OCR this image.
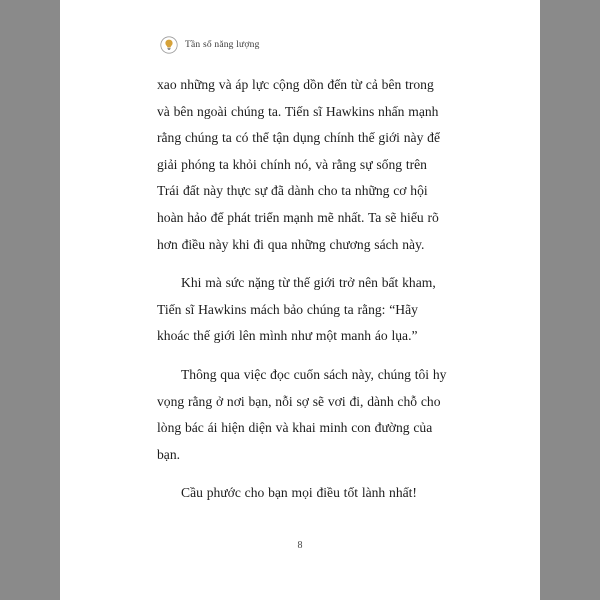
Tần số năng lượng

xao những và áp lực cộng dồn đến từ cả bên trong và bên ngoài chúng ta. Tiến sĩ Hawkins nhấn mạnh rằng chúng ta có thể tận dụng chính thế giới này để giải phóng ta khỏi chính nó, và rằng sự sống trên Trái đất này thực sự đã dành cho ta những cơ hội hoàn hảo để phát triển mạnh mẽ nhất. Ta sẽ hiểu rõ hơn điều này khi đi qua những chương sách này.

Khi mà sức nặng từ thế giới trở nên bất kham, Tiến sĩ Hawkins mách bảo chúng ta rằng: “Hãy khoác thế giới lên mình như một manh áo lụa.”

Thông qua việc đọc cuốn sách này, chúng tôi hy vọng rằng ở nơi bạn, nỗi sợ sẽ vơi đi, dành chỗ cho lòng bác ái hiện diện và khai minh con đường của bạn.

Cầu phước cho bạn mọi điều tốt lành nhất!

8
